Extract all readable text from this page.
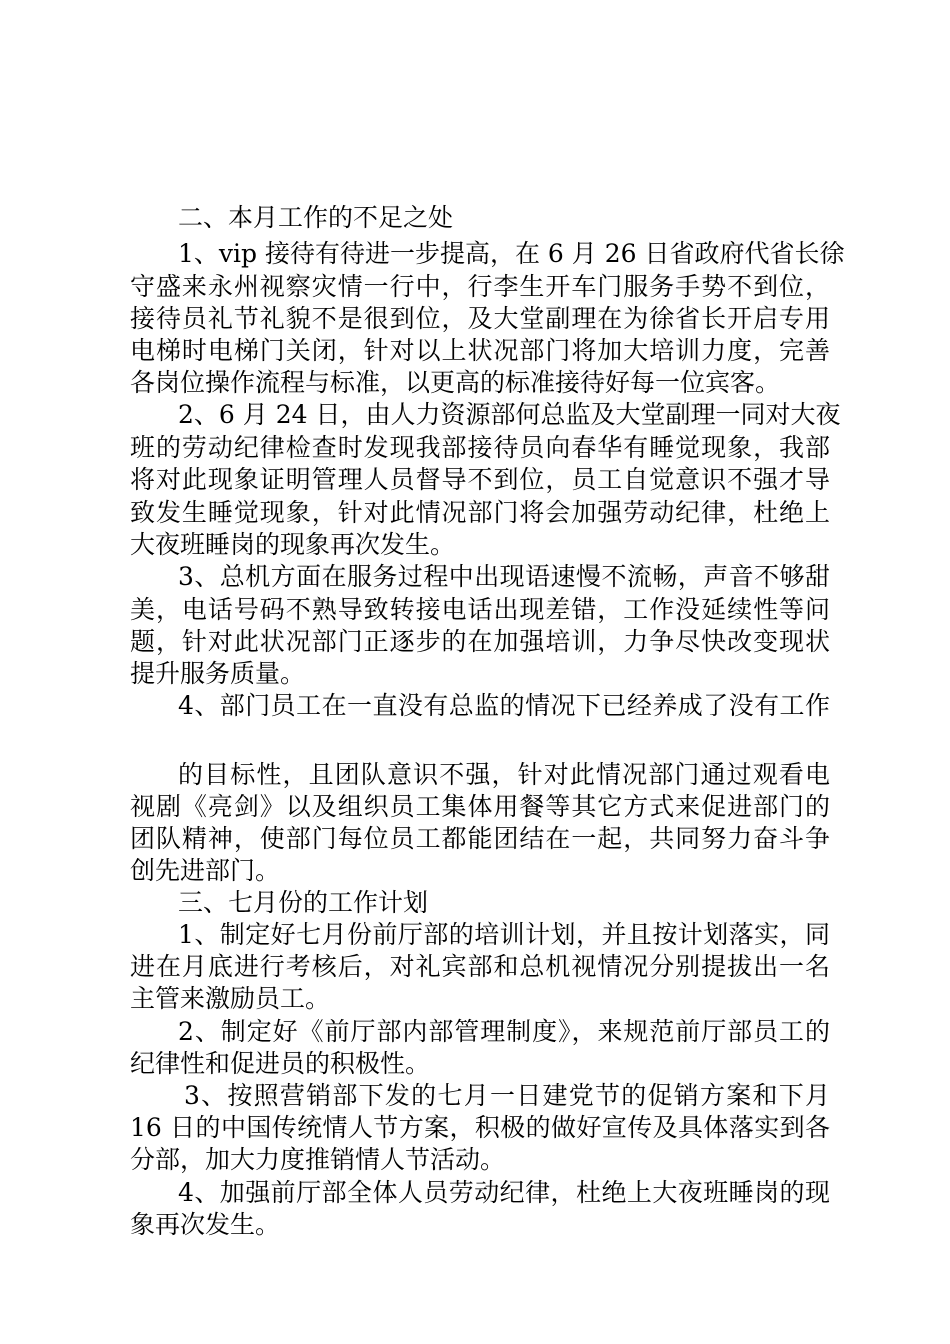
二、本月工作的不足之处
1、vip 接待有待进一步提高，在 6 月 26 日省政府代省长徐
守盛来永州视察灾情一行中，行李生开车门服务手势不到位，
接待员礼节礼貌不是很到位，及大堂副理在为徐省长开启专用
电梯时电梯门关闭，针对以上状况部门将加大培训力度，完善
各岗位操作流程与标准，以更高的标准接待好每一位宾客。
2、6 月 24 日，由人力资源部何总监及大堂副理一同对大夜
班的劳动纪律检查时发现我部接待员向春华有睡觉现象，我部
将对此现象证明管理人员督导不到位，员工自觉意识不强才导
致发生睡觉现象，针对此情况部门将会加强劳动纪律，杜绝上
大夜班睡岗的现象再次发生。
3、总机方面在服务过程中出现语速慢不流畅，声音不够甜
美，电话号码不熟导致转接电话出现差错，工作没延续性等问
题，针对此状况部门正逐步的在加强培训，力争尽快改变现状
提升服务质量。
4、部门员工在一直没有总监的情况下已经养成了没有工作
的目标性，且团队意识不强，针对此情况部门通过观看电
视剧《亮剑》以及组织员工集体用餐等其它方式来促进部门的
团队精神，使部门每位员工都能团结在一起，共同努力奋斗争
创先进部门。
三、七月份的工作计划
1、制定好七月份前厅部的培训计划，并且按计划落实，同
进在月底进行考核后，对礼宾部和总机视情况分别提拔出一名
主管来激励员工。
2、制定好《前厅部内部管理制度》，来规范前厅部员工的
纪律性和促进员的积极性。
3、按照营销部下发的七月一日建党节的促销方案和下月
16 日的中国传统情人节方案，积极的做好宣传及具体落实到各
分部，加大力度推销情人节活动。
4、加强前厅部全体人员劳动纪律，杜绝上大夜班睡岗的现
象再次发生。
